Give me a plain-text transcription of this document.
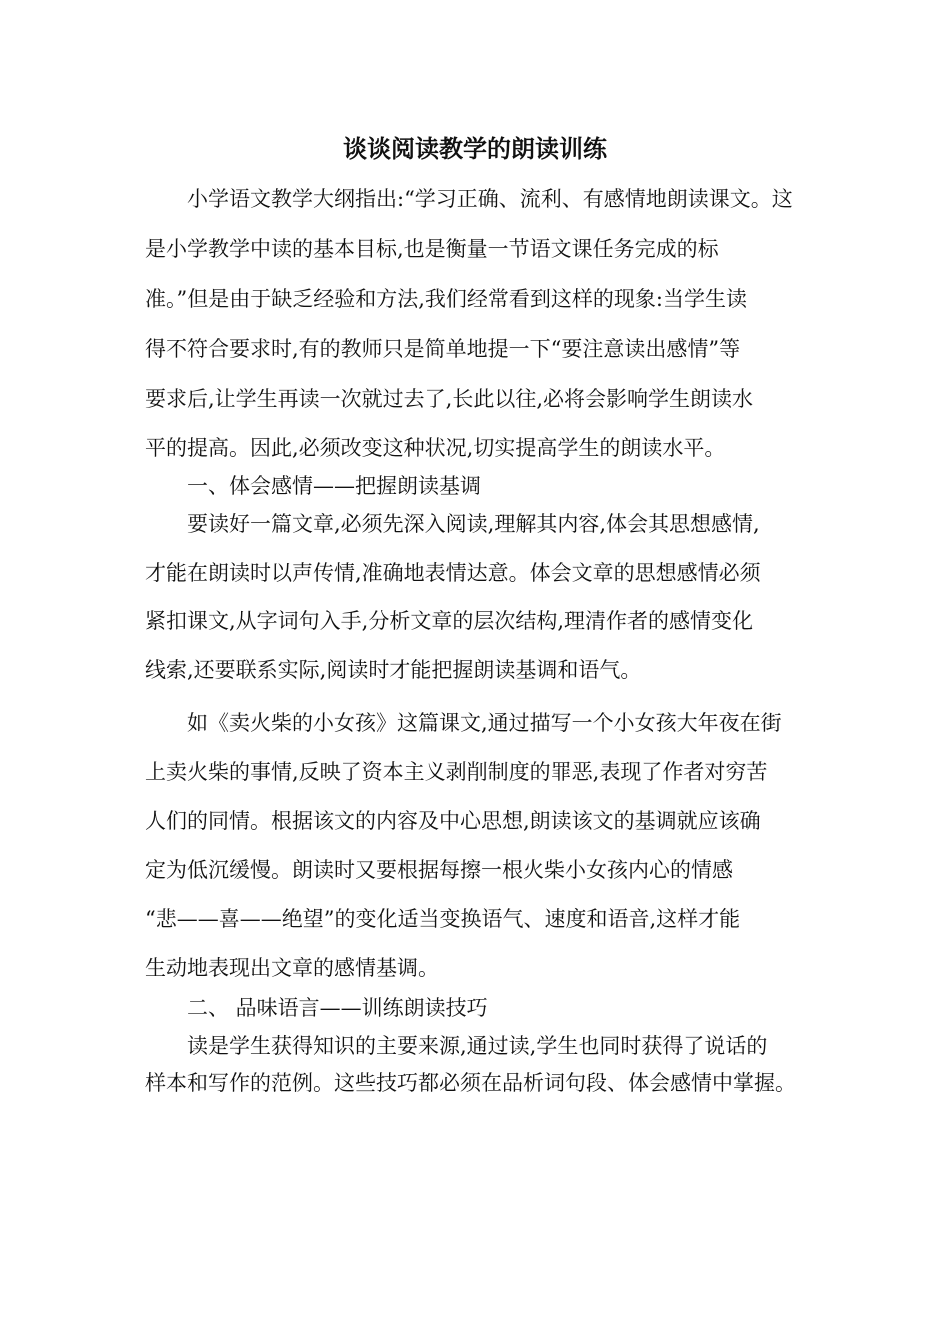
谈谈阅读教学的朗读训练
小学语文教学大纲指出:“学习正确、流利、有感情地朗读课文。这
是小学教学中读的基本目标,也是衡量一节语文课任务完成的标
准。”但是由于缺乏经验和方法,我们经常看到这样的现象:当学生读
得不符合要求时,有的教师只是简单地提一下“要注意读出感情”等
要求后,让学生再读一次就过去了,长此以往,必将会影响学生朗读水
平的提高。因此,必须改变这种状况,切实提高学生的朗读水平。
一、体会感情——把握朗读基调
要读好一篇文章,必须先深入阅读,理解其内容,体会其思想感情,
才能在朗读时以声传情,准确地表情达意。体会文章的思想感情必须
紧扣课文,从字词句入手,分析文章的层次结构,理清作者的感情变化
线索,还要联系实际,阅读时才能把握朗读基调和语气。
如《卖火柴的小女孩》这篇课文,通过描写一个小女孩大年夜在街
上卖火柴的事情,反映了资本主义剥削制度的罪恶,表现了作者对穷苦
人们的同情。根据该文的内容及中心思想,朗读该文的基调就应该确
定为低沉缓慢。朗读时又要根据每擦一根火柴小女孩内心的情感
“悲——喜——绝望”的变化适当变换语气、速度和语音,这样才能
生动地表现出文章的感情基调。
二、 品味语言——训练朗读技巧
读是学生获得知识的主要来源,通过读,学生也同时获得了说话的
样本和写作的范例。这些技巧都必须在品析词句段、体会感情中掌握。
